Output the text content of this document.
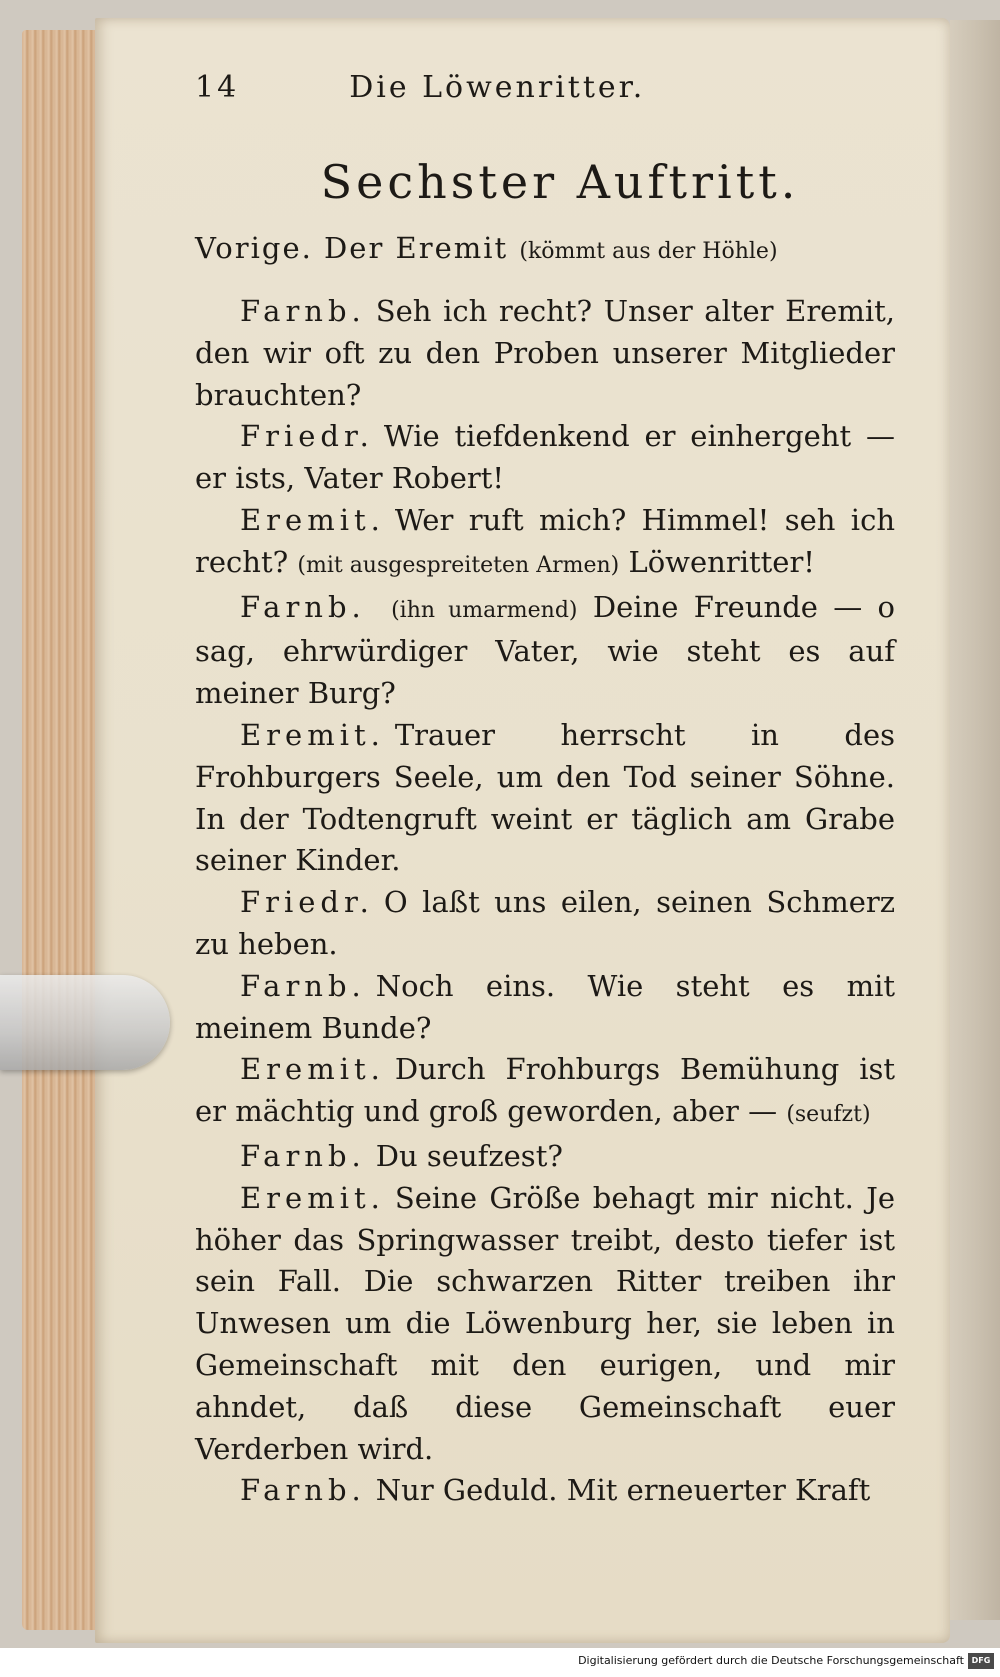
14	Die Löwenritter.
Sechster Auftritt.
Vorige. Der Eremit (kömmt aus der Höhle)

Farnb. Seh ich recht? Unser alter Eremit, den wir oft zu den Proben unserer Mitglieder brauchten?

Friedr. Wie tiefdenkend er einhergeht — er ists, Vater Robert!

Eremit. Wer ruft mich? Himmel! seh ich recht? (mit ausgespreiteten Armen) Löwenritter!

Farnb. (ihn umarmend) Deine Freunde — o sag, ehrwürdiger Vater, wie steht es auf meiner Burg?

Eremit. Trauer herrscht in des Frohburgers Seele, um den Tod seiner Söhne. In der Todtengruft weint er täglich am Grabe seiner Kinder.

Friedr. O laßt uns eilen, seinen Schmerz zu heben.

Farnb. Noch eins. Wie steht es mit meinem Bunde?

Eremit. Durch Frohburgs Bemühung ist er mächtig und groß geworden, aber — (seufzt)

Farnb. Du seufzest?

Eremit. Seine Größe behagt mir nicht. Je höher das Springwasser treibt, desto tiefer ist sein Fall. Die schwarzen Ritter treiben ihr Unwesen um die Löwenburg her, sie leben in Gemeinschaft mit den eurigen, und mir ahndet, daß diese Gemeinschaft euer Verderben wird.

Farnb. Nur Geduld. Mit erneuerter Kraft

Digitalisierung gefördert durch die Deutsche Forschungsgemeinschaft DFG
